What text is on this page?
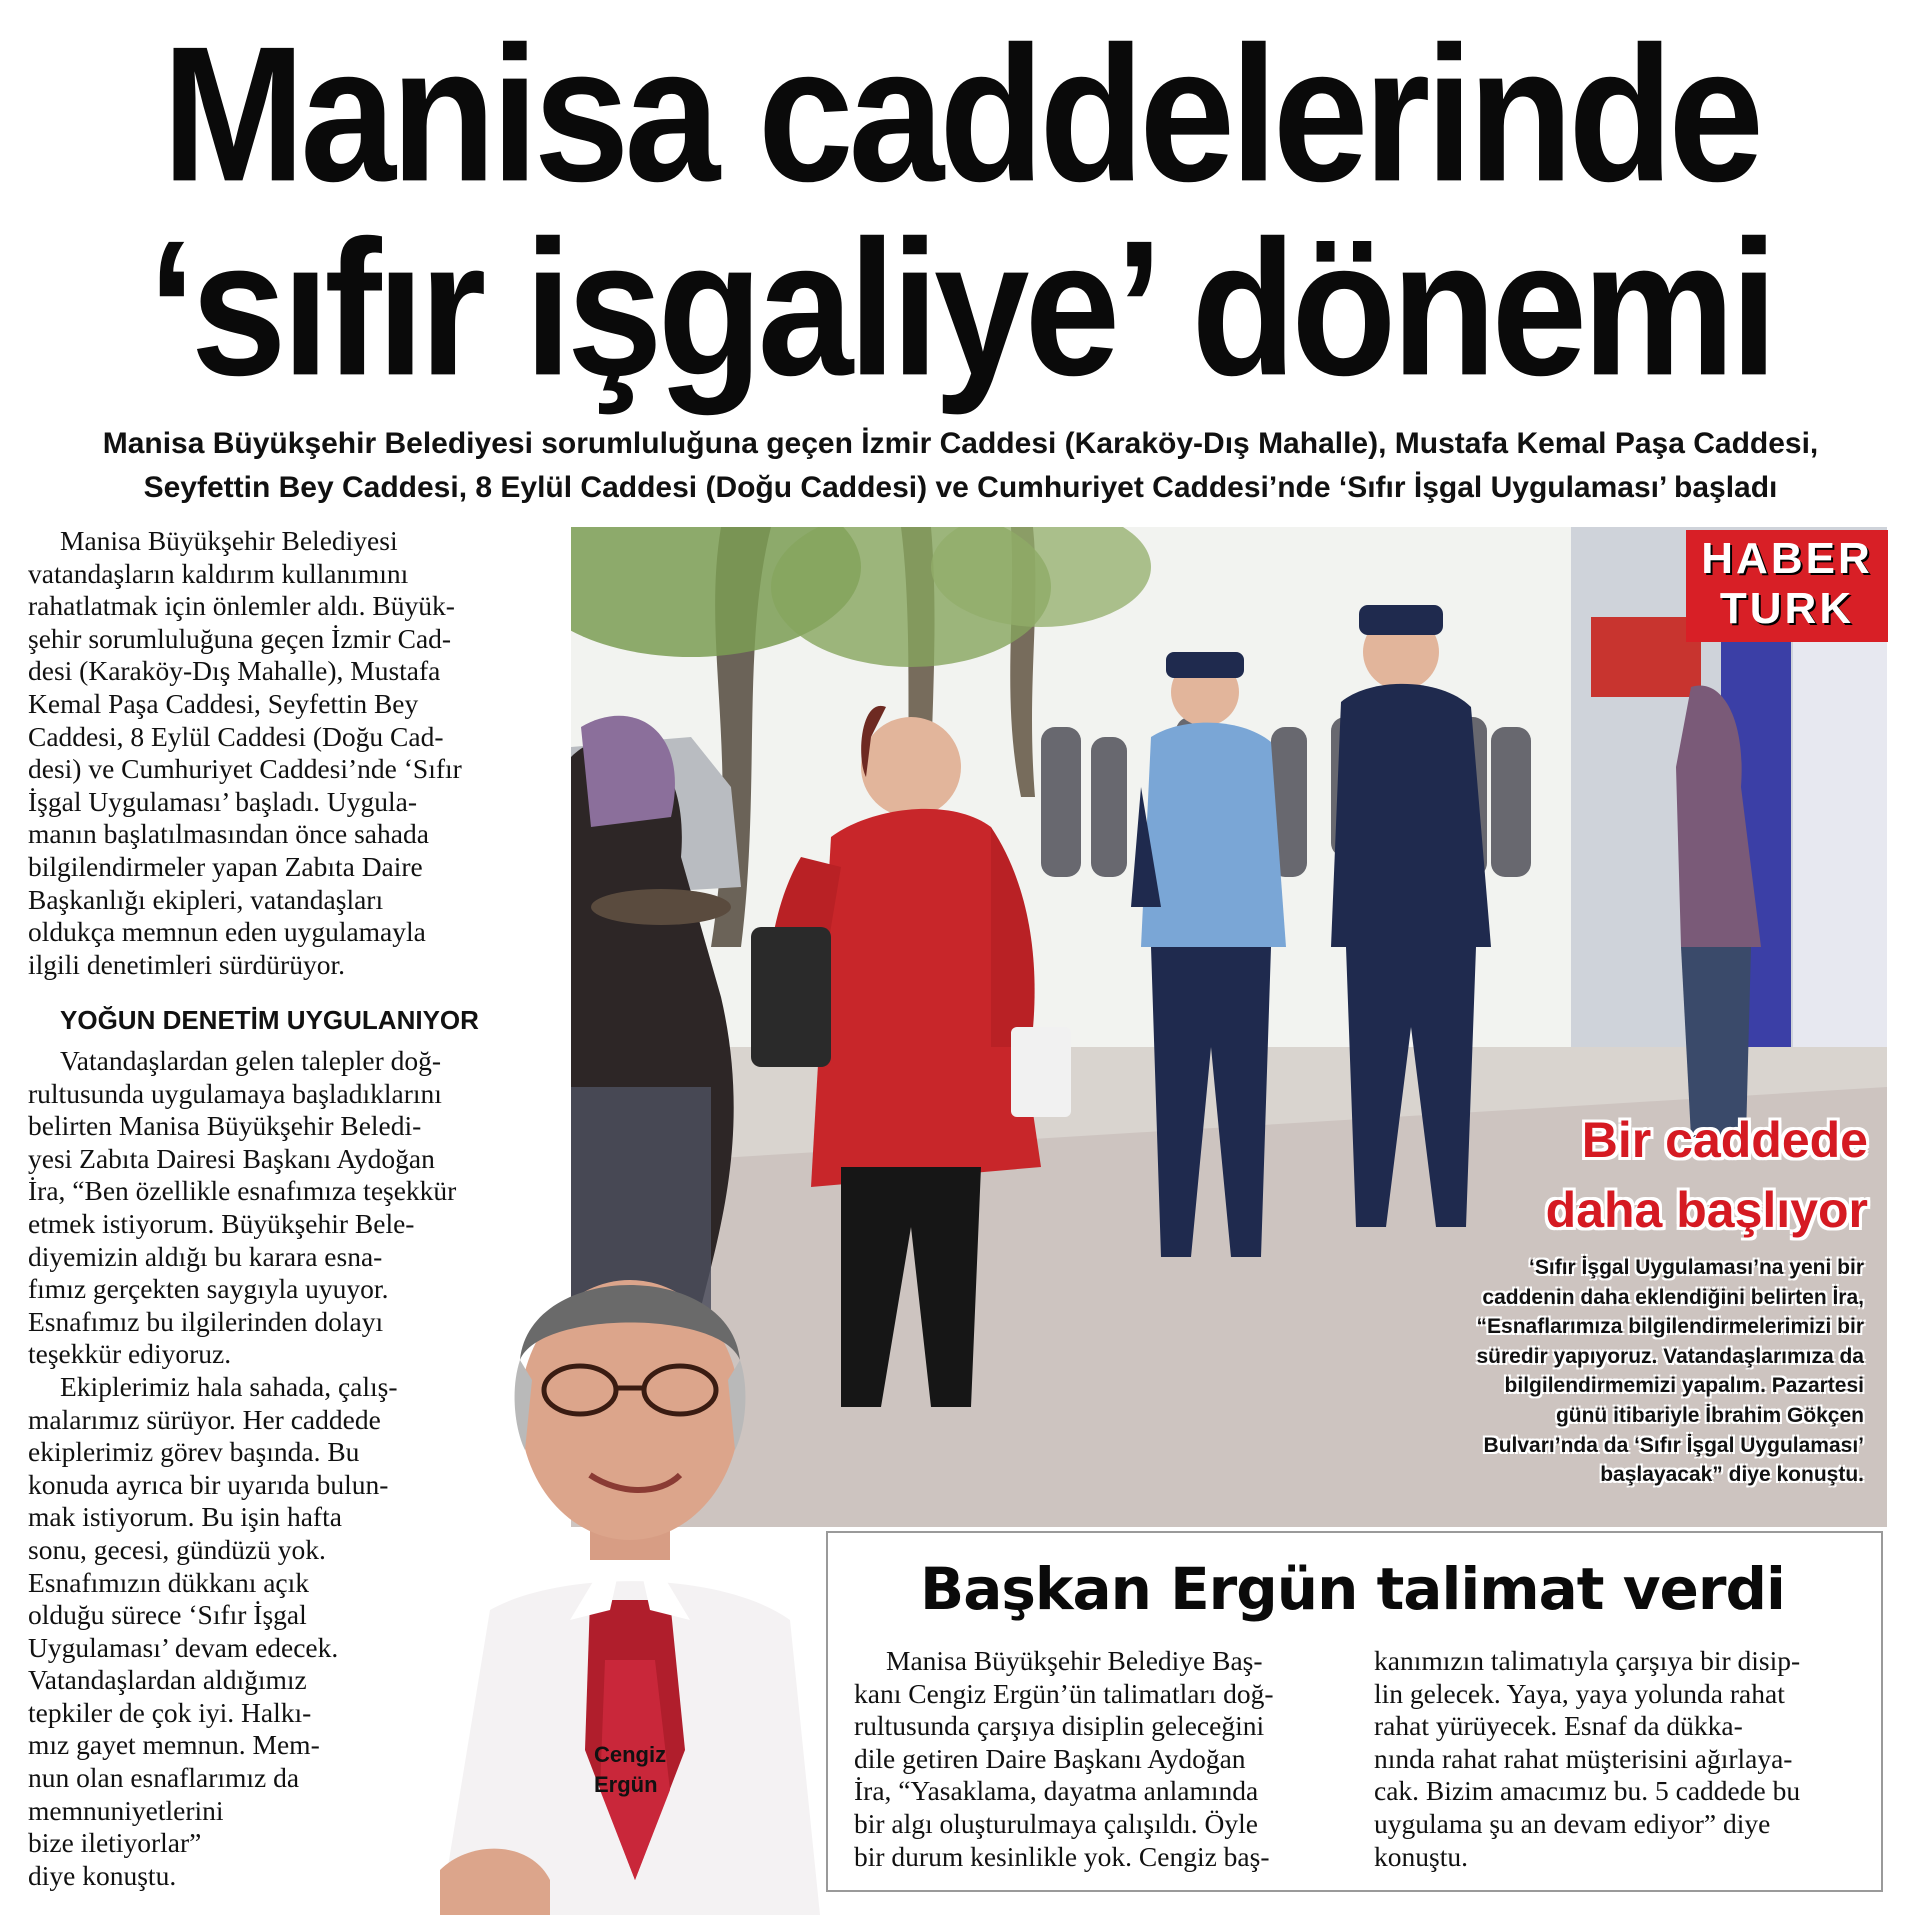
Manisa caddelerinde
‘sıfır işgaliye’ dönemi
Manisa Büyükşehir Belediyesi sorumluluğuna geçen İzmir Caddesi (Karaköy-Dış Mahalle), Mustafa Kemal Paşa Caddesi,
Seyfettin Bey Caddesi, 8 Eylül Caddesi (Doğu Caddesi) ve Cumhuriyet Caddesi’nde ‘Sıfır İşgal Uygulaması’ başladı
HABER
TURK
Bir caddede
daha başlıyor
‘Sıfır İşgal Uygulaması’na yeni bir
caddenin daha eklendiğini belirten İra,
“Esnaflarımıza bilgilendirmelerimizi bir
süredir yapıyoruz. Vatandaşlarımıza da
bilgilendirmemizi yapalım. Pazartesi
günü itibariyle İbrahim Gökçen
Bulvarı’nda da ‘Sıfır İşgal Uygulaması’
başlayacak” diye konuştu.
Manisa Büyükşehir Belediyesi
vatandaşların kaldırım kullanımını
rahatlatmak için önlemler aldı. Büyük-
şehir sorumluluğuna geçen İzmir Cad-
desi (Karaköy-Dış Mahalle), Mustafa
Kemal Paşa Caddesi, Seyfettin Bey
Caddesi, 8 Eylül Caddesi (Doğu Cad-
desi) ve Cumhuriyet Caddesi’nde ‘Sıfır
İşgal Uygulaması’ başladı. Uygula-
manın başlatılmasından önce sahada
bilgilendirmeler yapan Zabıta Daire
Başkanlığı ekipleri, vatandaşları
oldukça memnun eden uygulamayla
ilgili denetimleri sürdürüyor.
YOĞUN DENETİM UYGULANIYOR
Vatandaşlardan gelen talepler doğ-
rultusunda uygulamaya başladıklarını
belirten Manisa Büyükşehir Beledi-
yesi Zabıta Dairesi Başkanı Aydoğan
İra, “Ben özellikle esnafımıza teşekkür
etmek istiyorum. Büyükşehir Bele-
diyemizin aldığı bu karara esna-
fımız gerçekten saygıyla uyuyor.
Esnafımız bu ilgilerinden dolayı
teşekkür ediyoruz.
Ekiplerimiz hala sahada, çalış-
malarımız sürüyor. Her caddede
ekiplerimiz görev başında. Bu
konuda ayrıca bir uyarıda bulun-
mak istiyorum. Bu işin hafta
sonu, gecesi, gündüzü yok.
Esnafımızın dükkanı açık
olduğu sürece ‘Sıfır İşgal
Uygulaması’ devam edecek.
Vatandaşlardan aldığımız
tepkiler de çok iyi. Halkı-
mız gayet memnun. Mem-
nun olan esnaflarımız da
memnuniyetlerini
bize iletiyorlar”
diye konuştu.
Cengiz
Ergün
Başkan Ergün talimat verdi
Manisa Büyükşehir Belediye Baş-
kanı Cengiz Ergün’ün talimatları doğ-
rultusunda çarşıya disiplin geleceğini
dile getiren Daire Başkanı Aydoğan
İra, “Yasaklama, dayatma anlamında
bir algı oluşturulmaya çalışıldı. Öyle
bir durum kesinlikle yok. Cengiz baş-
kanımızın talimatıyla çarşıya bir disip-
lin gelecek. Yaya, yaya yolunda rahat
rahat yürüyecek. Esnaf da dükka-
nında rahat rahat müşterisini ağırlaya-
cak. Bizim amacımız bu. 5 caddede bu
uygulama şu an devam ediyor” diye
konuştu.
